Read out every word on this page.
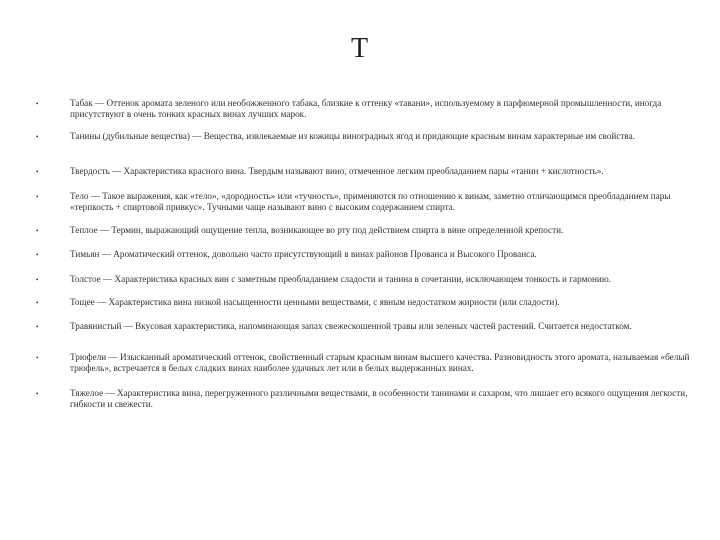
Т
•	Табак — Оттенок аромата зеленого или необожженного табака, близкие к оттенку «тавани», используемому в парфюмерной промышленности, иногда присутствуют в очень тонких красных винах лучших марок.
•	Танины (дубильные вещества) — Вещества, извлекаемые из кожицы виноградных ягод и придающие красным винам характерные им свойства.
•	Твердость — Характеристика красного вина. Твердым называют вино, отмеченное легким преобладанием пары «танин + кислотность».
•	Тело — Такое выражения, как «тело», «дородность» или «тучность», применяются по отношению к винам, заметно отличающимся преобладанием пары «терпкость + спиртовой привкус». Тучными чаще называют вино с высоким содержанием спирта.
•	Теплое — Термин, выражающий ощущение тепла, возникающее во рту под действием спирта в вине определенной крепости.
•	Тимьян — Ароматический оттенок, довольно часто присутствующий в винах районов Прованса и Высокого Прованса.
•	Толстое — Характеристика красных вин с заметным преобладанием сладости и танина в сочетании, исключающем тонкость и гармонию.
•	Тощее — Характеристика вина низкой насыщенности ценными веществами, с явным недостатком жирности (или сладости).
•	Травянистый — Вкусовая характеристика, напоминающая запах свежескошенной травы или зеленых частей растений. Считается недостатком.
•	Трюфели — Изысканный ароматический оттенок, свойственный старым красным винам высшего качества. Разновидность этого аромата, называемая «белый трюфель», встречается в белых сладких винах наиболее удачных лет или в белых выдержанных винах.
•	Тяжелое — Характеристика вина, перегруженного различными веществами, в особенности танинами и сахаром, что лишает его всякого ощущения легкости, гибкости и свежести.
